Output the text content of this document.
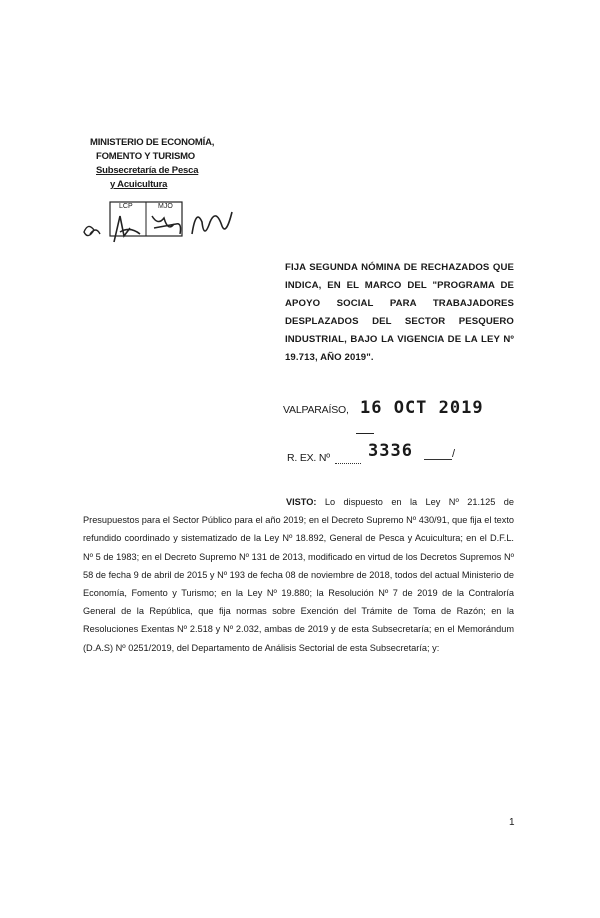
MINISTERIO DE ECONOMÍA,
FOMENTO Y TURISMO
Subsecretaría de Pesca
y Acuicultura
LCP	MJO
FIJA SEGUNDA NÓMINA DE RECHAZADOS QUE INDICA, EN EL MARCO DEL "PROGRAMA DE APOYO SOCIAL PARA TRABAJADORES DESPLAZADOS DEL SECTOR PESQUERO INDUSTRIAL, BAJO LA VIGENCIA DE LA LEY Nº 19.713, AÑO 2019".
VALPARAÍSO, 16 OCT 2019
R. EX. Nº 3336	/
VISTO: Lo dispuesto en la Ley Nº 21.125 de Presupuestos para el Sector Público para el año 2019; en el Decreto Supremo Nº 430/91, que fija el texto refundido coordinado y sistematizado de la Ley Nº 18.892, General de Pesca y Acuicultura; en el D.F.L. Nº 5 de 1983; en el Decreto Supremo Nº 131 de 2013, modificado en virtud de los Decretos Supremos Nº 58 de fecha 9 de abril de 2015 y Nº 193 de fecha 08 de noviembre de 2018, todos del actual Ministerio de Economía, Fomento y Turismo; en la Ley Nº 19.880; la Resolución Nº 7 de 2019 de la Contraloría General de la República, que fija normas sobre Exención del Trámite de Toma de Razón; en la Resoluciones Exentas Nº 2.518 y Nº 2.032, ambas de 2019 y de esta Subsecretaría; en el Memorándum (D.A.S) Nº 0251/2019, del Departamento de Análisis Sectorial de esta Subsecretaría; y:
1
